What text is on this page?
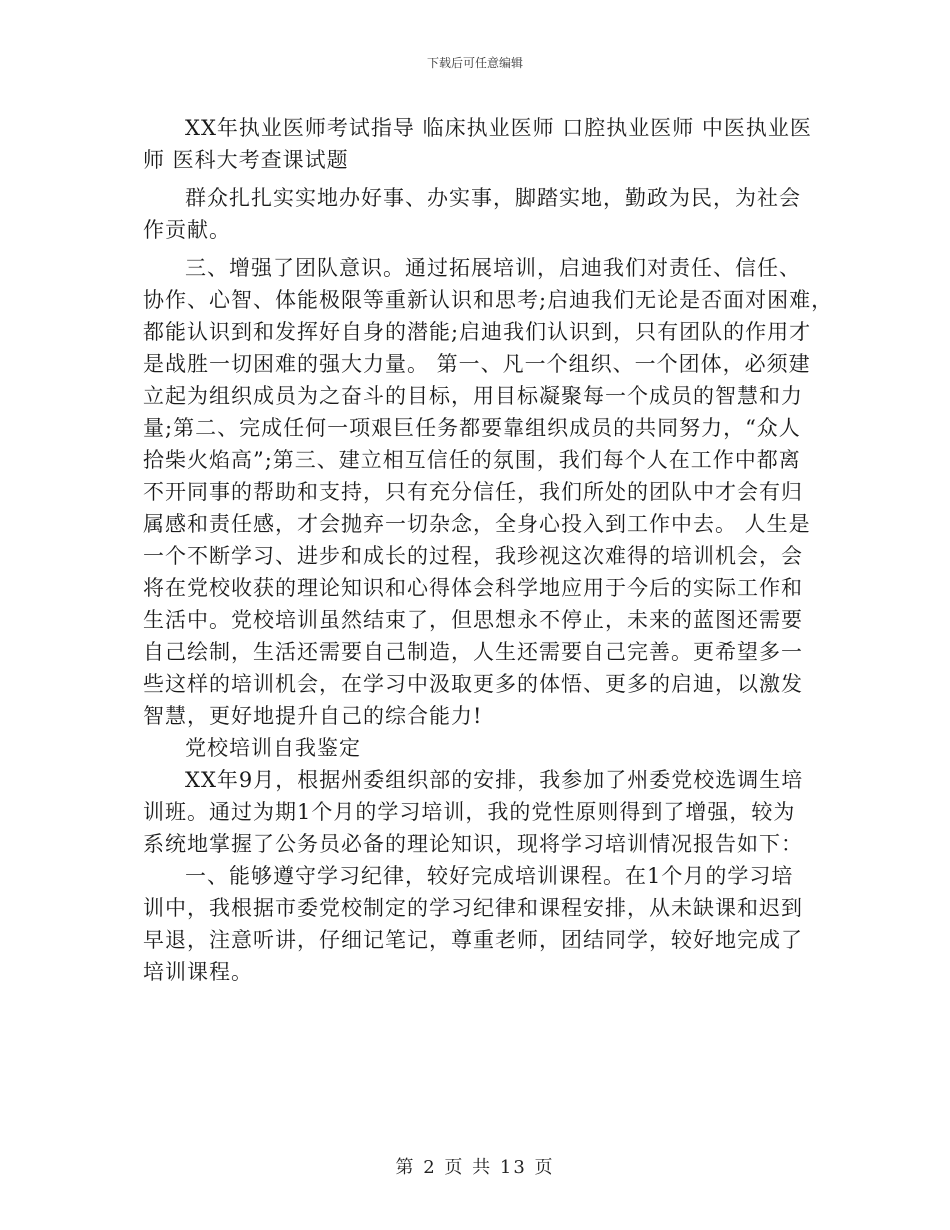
下载后可任意编辑
XX年执业医师考试指导 临床执业医师 口腔执业医师 中医执业医
师 医科大考查课试题
群众扎扎实实地办好事、办实事，脚踏实地，勤政为民，为社会
作贡献。
三、增强了团队意识。通过拓展培训，启迪我们对责任、信任、
协作、心智、体能极限等重新认识和思考;启迪我们无论是否面对困难，
都能认识到和发挥好自身的潜能;启迪我们认识到，只有团队的作用才
是战胜一切困难的强大力量。 第一、凡一个组织、一个团体，必须建
立起为组织成员为之奋斗的目标，用目标凝聚每一个成员的智慧和力
量;第二、完成任何一项艰巨任务都要靠组织成员的共同努力，“众人
拾柴火焰高”;第三、建立相互信任的氛围，我们每个人在工作中都离
不开同事的帮助和支持，只有充分信任，我们所处的团队中才会有归
属感和责任感，才会抛弃一切杂念，全身心投入到工作中去。 人生是
一个不断学习、进步和成长的过程，我珍视这次难得的培训机会，会
将在党校收获的理论知识和心得体会科学地应用于今后的实际工作和
生活中。党校培训虽然结束了，但思想永不停止，未来的蓝图还需要
自己绘制，生活还需要自己制造，人生还需要自己完善。更希望多一
些这样的培训机会，在学习中汲取更多的体悟、更多的启迪，以激发
智慧，更好地提升自己的综合能力!
党校培训自我鉴定
XX年9月，根据州委组织部的安排，我参加了州委党校选调生培
训班。通过为期1个月的学习培训，我的党性原则得到了增强，较为
系统地掌握了公务员必备的理论知识，现将学习培训情况报告如下：
一、能够遵守学习纪律，较好完成培训课程。在1个月的学习培
训中，我根据市委党校制定的学习纪律和课程安排，从未缺课和迟到
早退，注意听讲，仔细记笔记，尊重老师，团结同学，较好地完成了
培训课程。
第 2 页 共 13 页
